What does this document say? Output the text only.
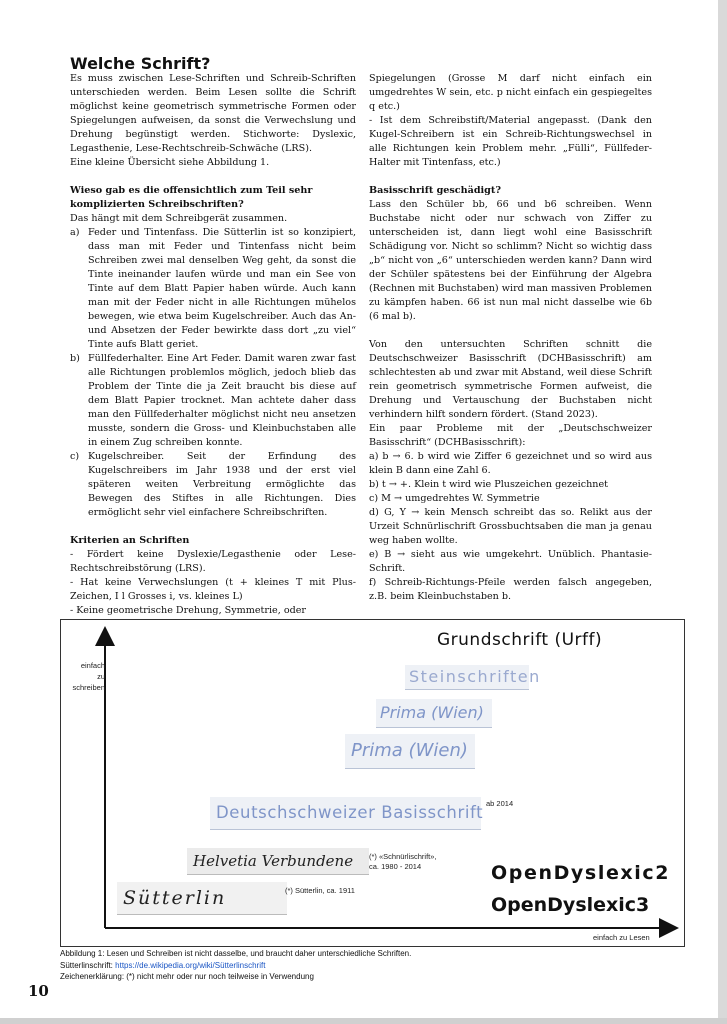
Welche Schrift?

Es muss zwischen Lese-Schriften und Schreib-Schriften unterschieden werden. Beim Lesen sollte die Schrift möglichst keine geometrisch symmetrische Formen oder Spiegelungen aufweisen, da sonst die Verwechslung und Drehung begünstigt werden. Stichworte: Dyslexic, Legasthenie, Lese-Rechtschreib-Schwäche (LRS).

Eine kleine Übersicht siehe Abbildung 1.

Wieso gab es die offensichtlich zum Teil sehr komplizierten Schreibschriften?

Das hängt mit dem Schreibgerät zusammen.

a) Feder und Tintenfass. Die Sütterlin ist so konzipiert, dass man mit Feder und Tintenfass nicht beim Schreiben zwei mal denselben Weg geht, da sonst die Tinte ineinander laufen würde und man ein See von Tinte auf dem Blatt Papier haben würde. Auch kann man mit der Feder nicht in alle Richtungen mühelos bewegen, wie etwa beim Kugelschreiber. Auch das An- und Absetzen der Feder bewirkte dass dort „zu viel“ Tinte aufs Blatt geriet.
b) Füllfederhalter. Eine Art Feder. Damit waren zwar fast alle Richtungen problemlos möglich, jedoch blieb das Problem der Tinte die ja Zeit braucht bis diese auf dem Blatt Papier trocknet. Man achtete daher dass man den Füllfederhalter möglichst nicht neu ansetzen musste, sondern die Gross- und Kleinbuchstaben alle in einem Zug schreiben konnte.
c) Kugelschreiber. Seit der Erfindung des Kugelschreibers im Jahr 1938 und der erst viel späteren weiten Verbreitung ermöglichte das Bewegen des Stiftes in alle Richtungen. Dies ermöglicht sehr viel einfachere Schreibschriften.
Kriterien an Schriften

- Fördert keine Dyslexie/Legasthenie oder Lese-Rechtschreibstörung (LRS).

- Hat keine Verwechslungen (t + kleines T mit Plus-Zeichen, I l Grosses i, vs. kleines L)

- Keine geometrische Drehung, Symmetrie, oder

Spiegelungen (Grosse M darf nicht einfach ein umgedrehtes W sein, etc. p nicht einfach ein gespiegeltes q etc.)

- Ist dem Schreibstift/Material angepasst. (Dank den Kugel-Schreibern ist ein Schreib-Richtungswechsel in alle Richtungen kein Problem mehr. „Fülli“, Füllfeder-Halter mit Tintenfass, etc.)

Basisschrift geschädigt?

Lass den Schüler bb, 66 und b6 schreiben. Wenn Buchstabe nicht oder nur schwach von Ziffer zu unterscheiden ist, dann liegt wohl eine Basisschrift Schädigung vor. Nicht so schlimm? Nicht so wichtig dass „b“ nicht von „6“ unterschieden werden kann? Dann wird der Schüler spätestens bei der Einführung der Algebra (Rechnen mit Buchstaben) wird man massiven Problemen zu kämpfen haben. 66 ist nun mal nicht dasselbe wie 6b (6 mal b).

Von den untersuchten Schriften schnitt die Deutschschweizer Basisschrift (DCHBasisschrift) am schlechtesten ab und zwar mit Abstand, weil diese Schrift rein geometrisch symmetrische Formen aufweist, die Drehung und Vertauschung der Buchstaben nicht verhindern hilft sondern fördert. (Stand 2023).

Ein paar Probleme mit der „Deutschschweizer Basisschrift“ (DCHBasisschrift):

a) b → 6. b wird wie Ziffer 6 gezeichnet und so wird aus klein B dann eine Zahl 6.

b) t → +. Klein t wird wie Pluszeichen gezeichnet

c) M → umgedrehtes W. Symmetrie

d) G, Y → kein Mensch schreibt das so. Relikt aus der Urzeit Schnürlischrift Grossbuchtsaben die man ja genau weg haben wollte.

e) B → sieht aus wie umgekehrt. Unüblich. Phantasie-Schrift.

f) Schreib-Richtungs-Pfeile werden falsch angegeben, z.B. beim Kleinbuchstaben b.

einfach
zu
schreiben
einfach zu Lesen
Grundschrift (Urff)
Steinschriften
Prima (Wien)
Prima (Wien)
Deutschschweizer Basisschrift ab 2014
Helvetia Verbundene	(*) «Schnürlischrift»,
ca. 1980 - 2014
Sütterlin	(*) Sütterlin, ca. 1911
OpenDyslexic2
OpenDyslexic3
Abbildung 1: Lesen und Schreiben ist nicht dasselbe, und braucht daher unterschiedliche Schriften.
Sütterlinschrift: https://de.wikipedia.org/wiki/Sütterlinschrift
Zeichenerklärung: (*) nicht mehr oder nur noch teilweise in Verwendung
10
